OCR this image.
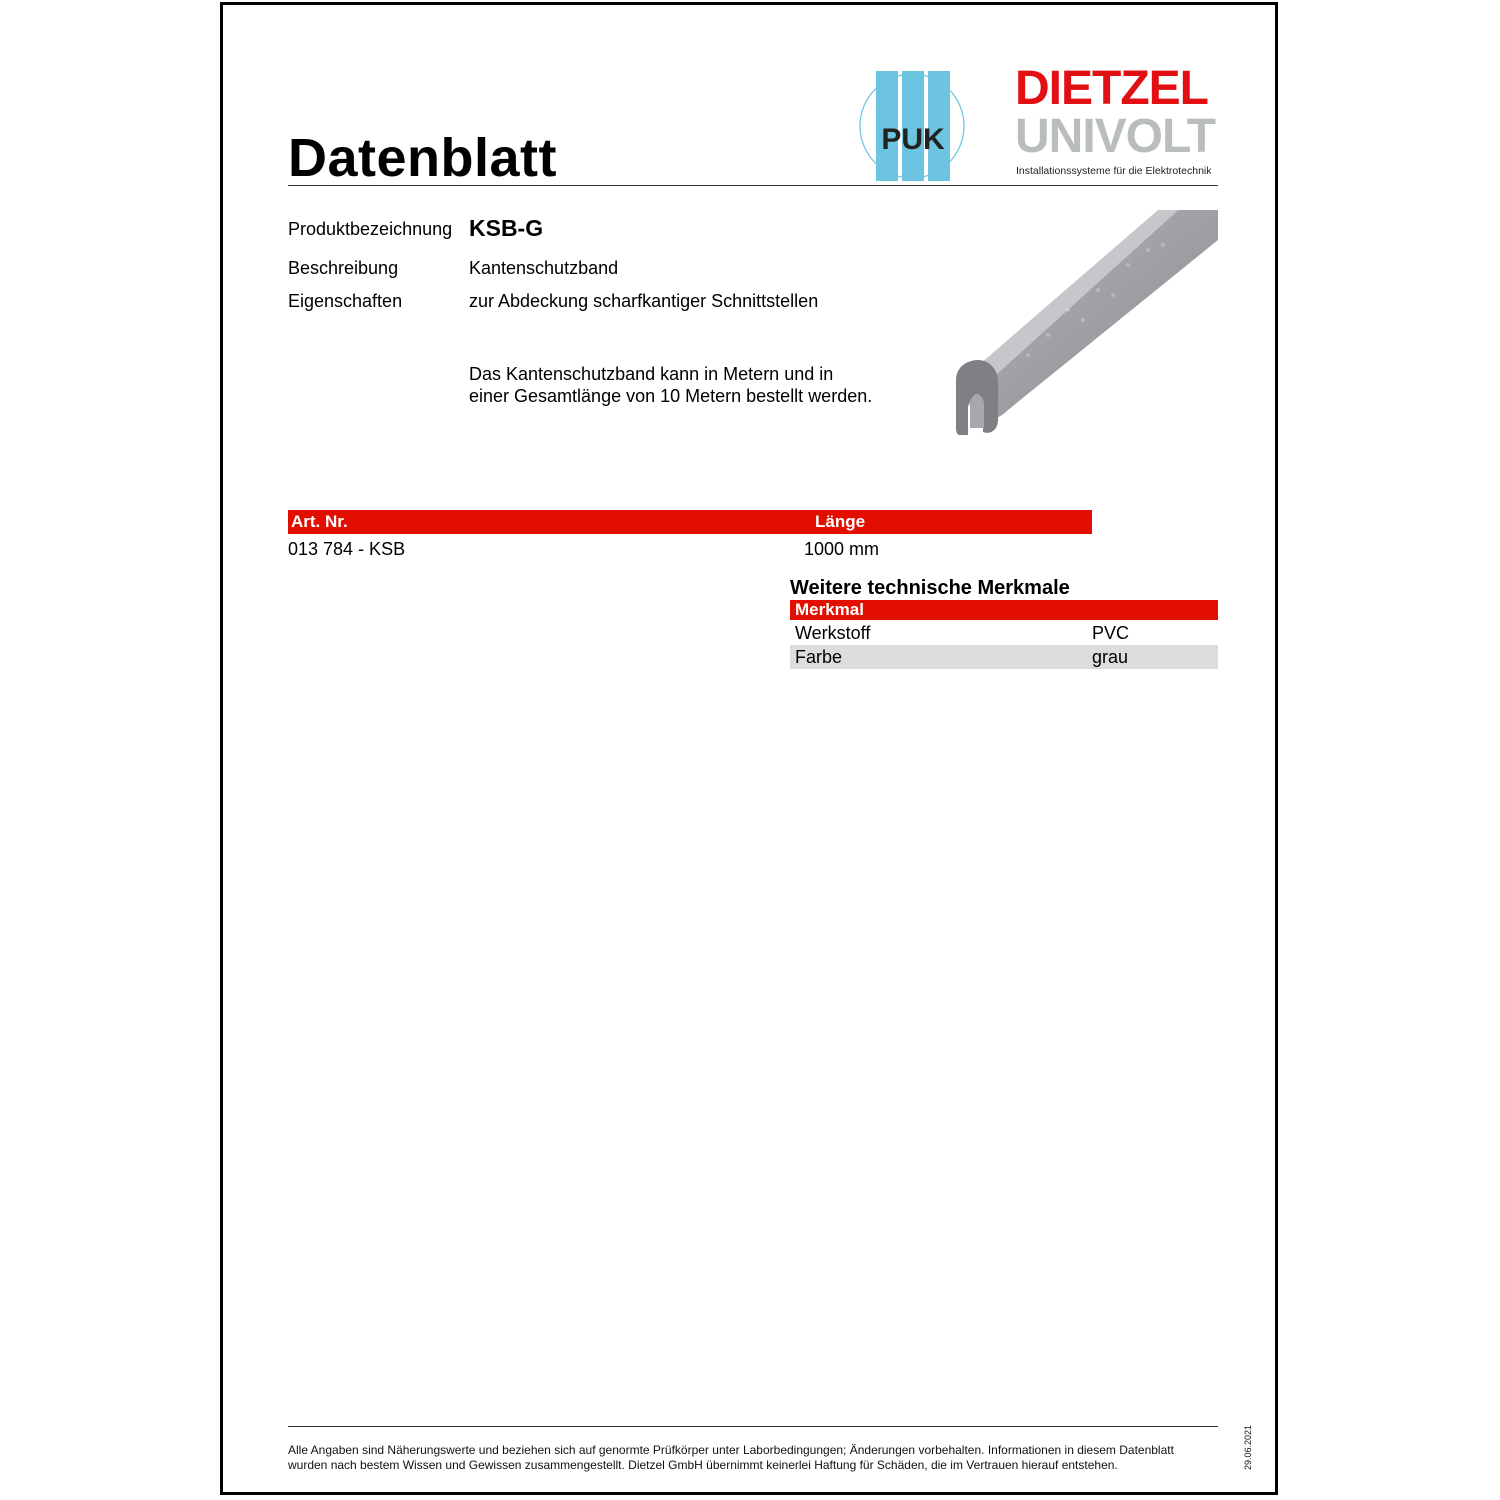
Datenblatt	PUK
DIETZEL
UNIVOLT
Installationssysteme für die Elektrotechnik
Produktbezeichnung KSB-G
Beschreibung	Kantenschutzband
Eigenschaften	zur Abdeckung scharfkantiger Schnittstellen
Das Kantenschutzband kann in Metern und in
einer Gesamtlänge von 10 Metern bestellt werden.
Art. Nr.	Länge
013 784 - KSB	1000 mm
Weitere technische Merkmale
Merkmal
Werkstoff	PVC
Farbe	grau
Alle Angaben sind Näherungswerte und beziehen sich auf genormte Prüfkörper unter Laborbedingungen; Änderungen vorbehalten. Informationen in diesem Datenblatt
wurden nach bestem Wissen und Gewissen zusammengestellt. Dietzel GmbH übernimmt keinerlei Haftung für Schäden, die im Vertrauen hierauf entstehen.	29.06.2021
